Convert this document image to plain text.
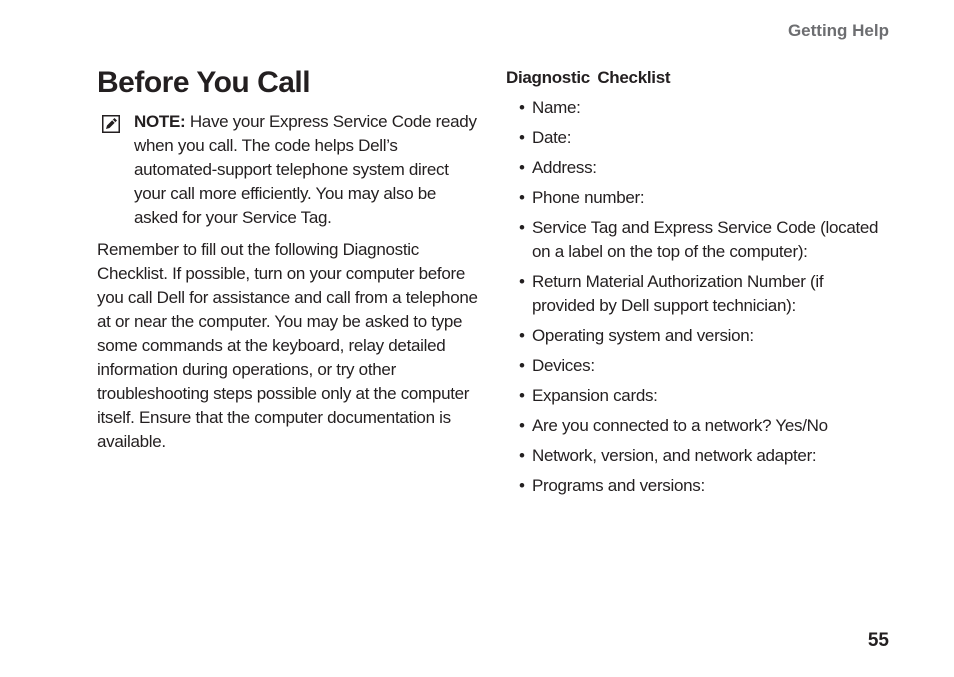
Getting Help
Before You Call
NOTE: Have your Express Service Code ready when you call. The code helps Dell’s automated-support telephone system direct your call more efficiently. You may also be asked for your Service Tag.

Remember to fill out the following Diagnostic Checklist. If possible, turn on your computer before you call Dell for assistance and call from a telephone at or near the computer. You may be asked to type some commands at the keyboard, relay detailed information during operations, or try other troubleshooting steps possible only at the computer itself. Ensure that the computer documentation is available.

Diagnostic Checklist
• Name:
• Date:
• Address:
• Phone number:
• Service Tag and Express Service Code (located on a label on the top of the computer):
• Return Material Authorization Number (if provided by Dell support technician):
• Operating system and version:
• Devices:
• Expansion cards:
• Are you connected to a network? Yes/No
• Network, version, and network adapter:
• Programs and versions:
55
